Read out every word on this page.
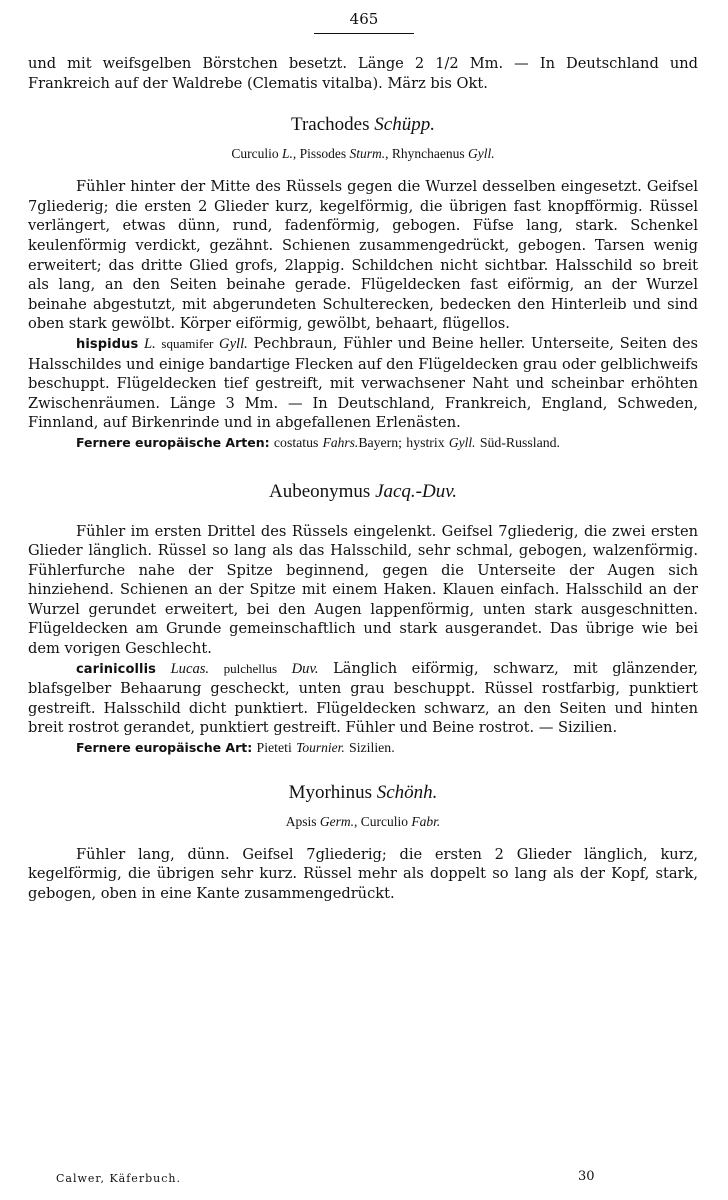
465

und mit weifsgelben Börstchen besetzt. Länge 2 1/2 Mm. — In Deutschland und Frankreich auf der Waldrebe (Clematis vitalba). März bis Okt.

Trachodes Schüpp.
Curculio L., Pissodes Sturm., Rhynchaenus Gyll.

Fühler hinter der Mitte des Rüssels gegen die Wurzel desselben eingesetzt. Geifsel 7gliederig; die ersten 2 Glieder kurz, kegelförmig, die übrigen fast knopfförmig. Rüssel verlängert, etwas dünn, rund, fadenförmig, gebogen. Füfse lang, stark. Schenkel keulenförmig verdickt, gezähnt. Schienen zusammengedrückt, gebogen. Tarsen wenig erweitert; das dritte Glied grofs, 2lappig. Schildchen nicht sichtbar. Halsschild so breit als lang, an den Seiten beinahe gerade. Flügeldecken fast eiförmig, an der Wurzel beinahe abgestutzt, mit abgerundeten Schulterecken, bedecken den Hinterleib und sind oben stark gewölbt. Körper eiförmig, gewölbt, behaart, flügellos.

hispidus L. squamifer Gyll. Pechbraun, Fühler und Beine heller. Unterseite, Seiten des Halsschildes und einige bandartige Flecken auf den Flügeldecken grau oder gelblichweifs beschuppt. Flügeldecken tief gestreift, mit verwachsener Naht und scheinbar erhöhten Zwischenräumen. Länge 3 Mm. — In Deutschland, Frankreich, England, Schweden, Finnland, auf Birkenrinde und in abgefallenen Erlenästen.

Fernere europäische Arten: costatus Fahrs.Bayern; hystrix Gyll. Süd-Russland.

Aubeonymus Jacq.-Duv.

Fühler im ersten Drittel des Rüssels eingelenkt. Geifsel 7gliederig, die zwei ersten Glieder länglich. Rüssel so lang als das Halsschild, sehr schmal, gebogen, walzenförmig. Fühlerfurche nahe der Spitze beginnend, gegen die Unterseite der Augen sich hinziehend. Schienen an der Spitze mit einem Haken. Klauen einfach. Halsschild an der Wurzel gerundet erweitert, bei den Augen lappenförmig, unten stark ausgeschnitten. Flügeldecken am Grunde gemeinschaftlich und stark ausgerandet. Das übrige wie bei dem vorigen Geschlecht.

carinicollis Lucas. pulchellus Duv. Länglich eiförmig, schwarz, mit glänzender, blafsgelber Behaarung gescheckt, unten grau beschuppt. Rüssel rostfarbig, punktiert gestreift. Halsschild dicht punktiert. Flügeldecken schwarz, an den Seiten und hinten breit rostrot gerandet, punktiert gestreift. Fühler und Beine rostrot. — Sizilien.

Fernere europäische Art: Pieteti Tournier. Sizilien.

Myorhinus Schönh.
Apsis Germ., Curculio Fabr.

Fühler lang, dünn. Geifsel 7gliederig; die ersten 2 Glieder länglich, kurz, kegelförmig, die übrigen sehr kurz. Rüssel mehr als doppelt so lang als der Kopf, stark, gebogen, oben in eine Kante zusammengedrückt.

Calwer, Käferbuch.	30
